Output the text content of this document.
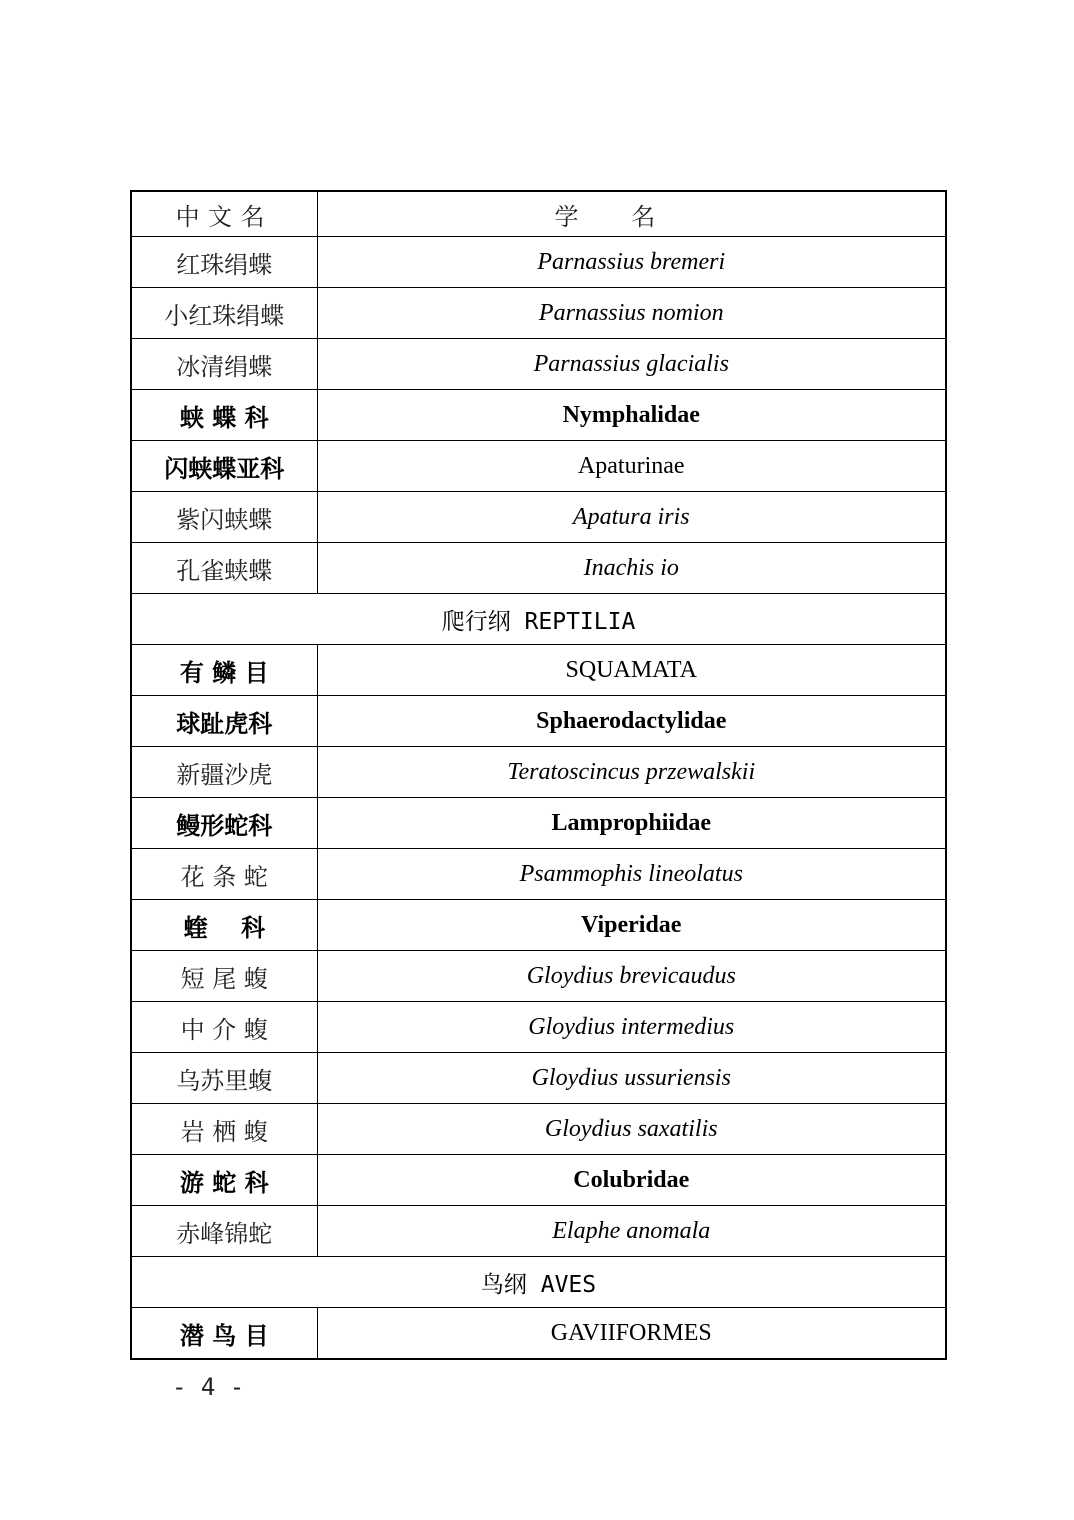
中文名	学名
红珠绢蝶	Parnassius bremeri
小红珠绢蝶	Parnassius nomion
冰清绢蝶	Parnassius glacialis
蛱 蝶 科	Nymphalidae
闪蛱蝶亚科	Apaturinae
紫闪蛱蝶	Apatura iris
孔雀蛱蝶	Inachis io
爬行纲 REPTILIA	
有 鳞 目	SQUAMATA
球趾虎科	Sphaerodactylidae
新疆沙虎	Teratoscincus przewalskii
鳗形蛇科	Lamprophiidae
花 条 蛇	Psammophis lineolatus
蝰    科	Viperidae
短 尾 蝮	Gloydius brevicaudus
中 介 蝮	Gloydius intermedius
乌苏里蝮	Gloydius ussuriensis
岩 栖 蝮	Gloydius saxatilis
游 蛇 科	Colubridae
赤峰锦蛇	Elaphe anomala
鸟纲 AVES	
潜 鸟 目	GAVIIFORMES
- 4 -
